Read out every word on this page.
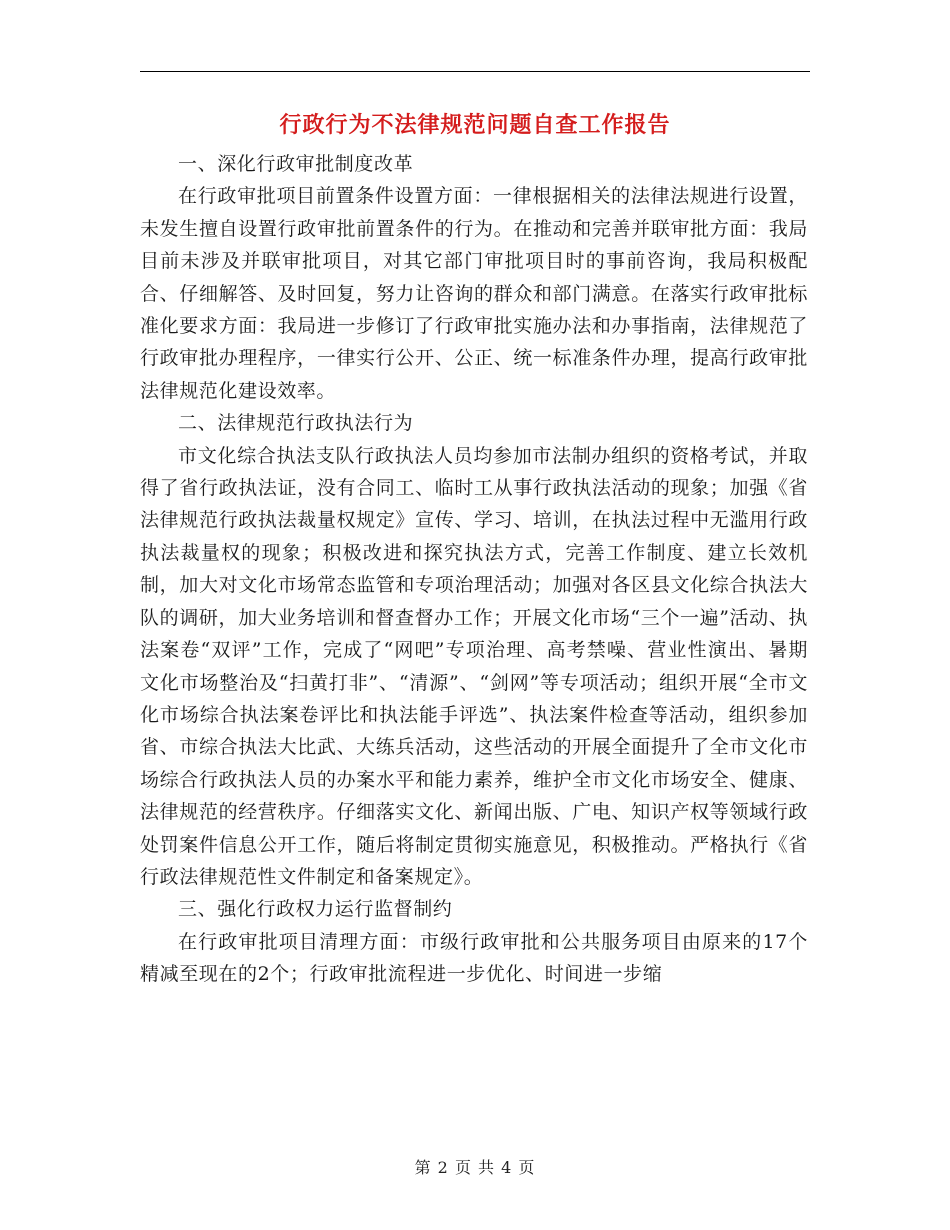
行政行为不法律规范问题自查工作报告
一、深化行政审批制度改革

在行政审批项目前置条件设置方面：一律根据相关的法律法规进行设置，未发生擅自设置行政审批前置条件的行为。在推动和完善并联审批方面：我局目前未涉及并联审批项目，对其它部门审批项目时的事前咨询，我局积极配合、仔细解答、及时回复，努力让咨询的群众和部门满意。在落实行政审批标准化要求方面：我局进一步修订了行政审批实施办法和办事指南，法律规范了行政审批办理程序，一律实行公开、公正、统一标准条件办理，提高行政审批法律规范化建设效率。

二、法律规范行政执法行为

市文化综合执法支队行政执法人员均参加市法制办组织的资格考试，并取得了省行政执法证，没有合同工、临时工从事行政执法活动的现象；加强《省法律规范行政执法裁量权规定》宣传、学习、培训，在执法过程中无滥用行政执法裁量权的现象；积极改进和探究执法方式，完善工作制度、建立长效机制，加大对文化市场常态监管和专项治理活动；加强对各区县文化综合执法大队的调研，加大业务培训和督查督办工作；开展文化市场“三个一遍”活动、执法案卷“双评”工作，完成了“网吧”专项治理、高考禁噪、营业性演出、暑期文化市场整治及“扫黄打非”、“清源”、“剑网”等专项活动；组织开展“全市文化市场综合执法案卷评比和执法能手评选”、执法案件检查等活动，组织参加省、市综合执法大比武、大练兵活动，这些活动的开展全面提升了全市文化市场综合行政执法人员的办案水平和能力素养，维护全市文化市场安全、健康、法律规范的经营秩序。仔细落实文化、新闻出版、广电、知识产权等领域行政处罚案件信息公开工作，随后将制定贯彻实施意见，积极推动。严格执行《省行政法律规范性文件制定和备案规定》。

三、强化行政权力运行监督制约

在行政审批项目清理方面：市级行政审批和公共服务项目由原来的17个精减至现在的2个；行政审批流程进一步优化、时间进一步缩

第 2 页 共 4 页
